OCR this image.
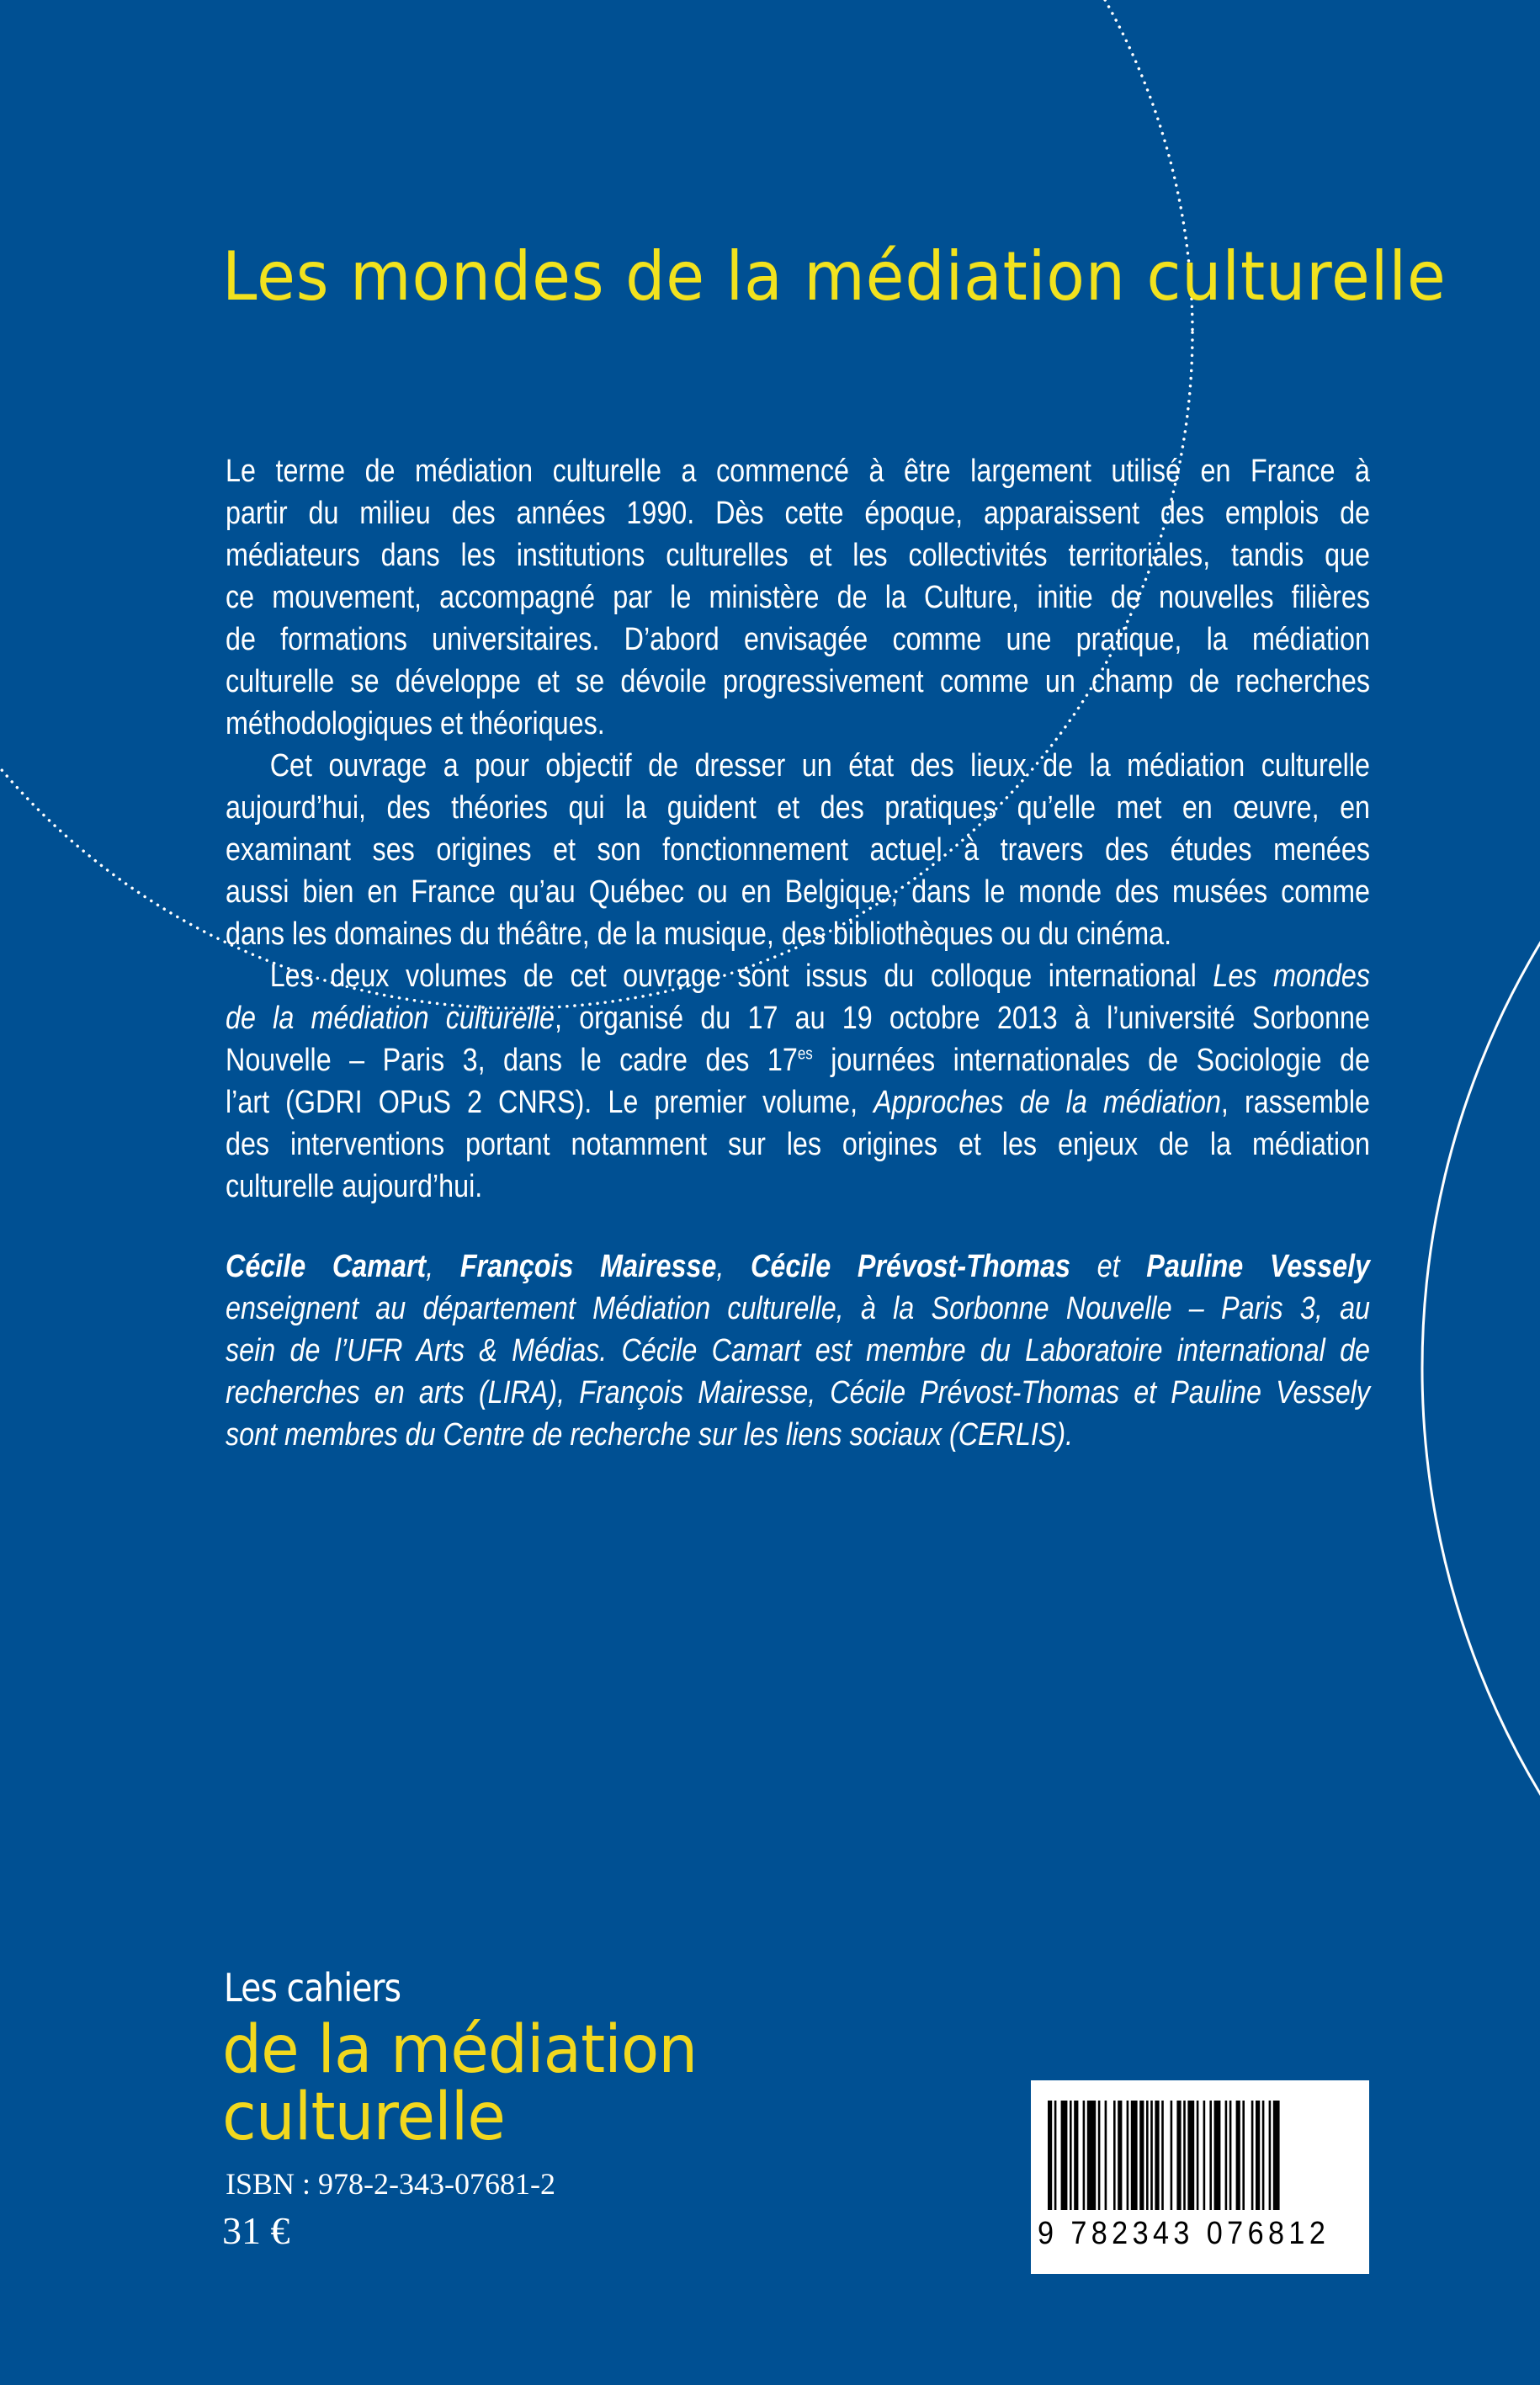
Les mondes de la médiation culturelle
Le terme de médiation culturelle a commencé à être largement utilisé en France à
partir du milieu des années 1990. Dès cette époque, apparaissent des emplois de
médiateurs dans les institutions culturelles et les collectivités territoriales, tandis que
ce mouvement, accompagné par le ministère de la Culture, initie de nouvelles filières
de formations universitaires. D’abord envisagée comme une pratique, la médiation
culturelle se développe et se dévoile progressivement comme un champ de recherches
méthodologiques et théoriques.
Cet ouvrage a pour objectif de dresser un état des lieux de la médiation culturelle
aujourd’hui, des théories qui la guident et des pratiques qu’elle met en œuvre, en
examinant ses origines et son fonctionnement actuel à travers des études menées
aussi bien en France qu’au Québec ou en Belgique, dans le monde des musées comme
dans les domaines du théâtre, de la musique, des bibliothèques ou du cinéma.
Les deux volumes de cet ouvrage sont issus du colloque international Les mondes
de la médiation culturelle, organisé du 17 au 19 octobre 2013 à l’université Sorbonne
Nouvelle – Paris 3, dans le cadre des $17^{es}$ journées internationales de Sociologie de
l’art (GDRI OPuS 2 CNRS). Le premier volume, Approches de la médiation, rassemble
des interventions portant notamment sur les origines et les enjeux de la médiation
culturelle aujourd’hui.
Cécile Camart, François Mairesse, Cécile Prévost-Thomas et Pauline Vessely
enseignent au département Médiation culturelle, à la Sorbonne Nouvelle – Paris 3, au
sein de l’UFR Arts & Médias. Cécile Camart est membre du Laboratoire international de
recherches en arts (LIRA), François Mairesse, Cécile Prévost-Thomas et Pauline Vessely
sont membres du Centre de recherche sur les liens sociaux (CERLIS).
Les cahiers
de la médiation
culturelle
ISBN : 978-2-343-07681-2
31 €	9 782343 076812
